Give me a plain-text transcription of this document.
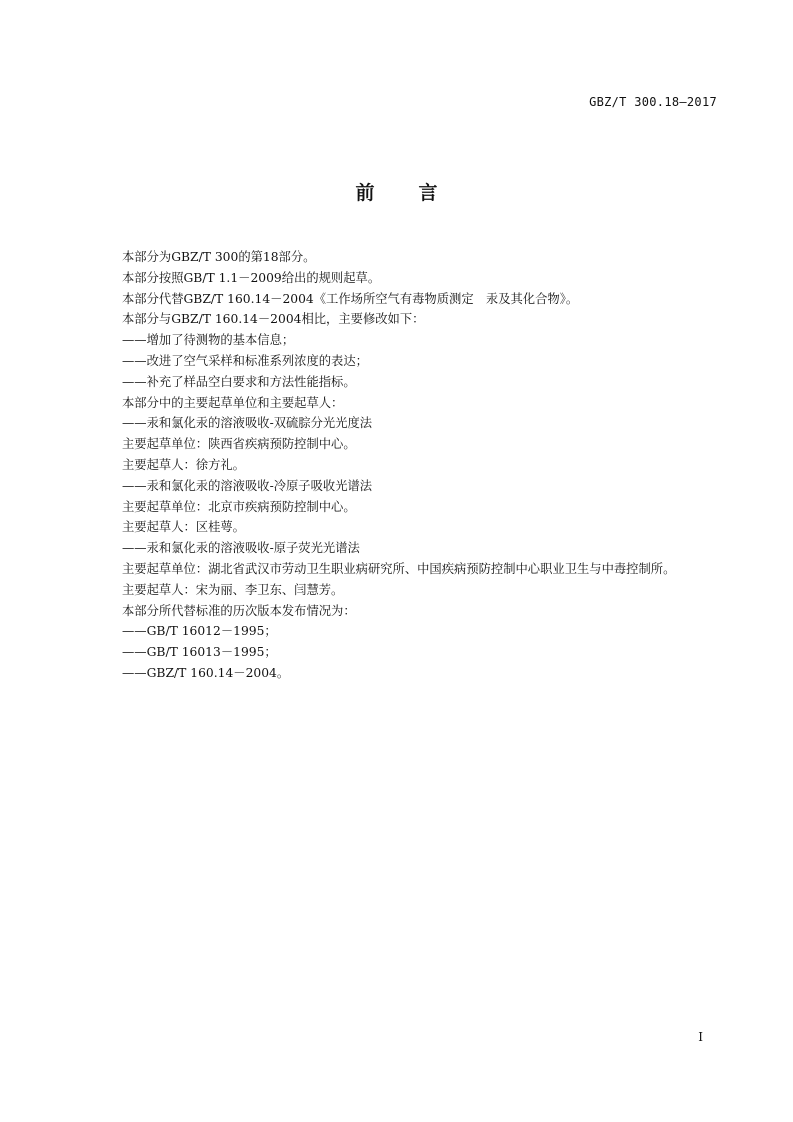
GBZ/T 300.18—2017
前 言

本部分为GBZ/T 300的第18部分。

本部分按照GB/T 1.1－2009给出的规则起草。

本部分代替GBZ/T 160.14－2004《工作场所空气有毒物质测定　汞及其化合物》。

本部分与GBZ/T 160.14－2004相比，主要修改如下：

——增加了待测物的基本信息；

——改进了空气采样和标准系列浓度的表达；

——补充了样品空白要求和方法性能指标。

本部分中的主要起草单位和主要起草人：

——汞和氯化汞的溶液吸收-双硫腙分光光度法

主要起草单位：陕西省疾病预防控制中心。

主要起草人：徐方礼。

——汞和氯化汞的溶液吸收-冷原子吸收光谱法

主要起草单位：北京市疾病预防控制中心。

主要起草人：区桂萼。

——汞和氯化汞的溶液吸收-原子荧光光谱法

主要起草单位：湖北省武汉市劳动卫生职业病研究所、中国疾病预防控制中心职业卫生与中毒控制所。

主要起草人：宋为丽、李卫东、闫慧芳。

本部分所代替标准的历次版本发布情况为：

——GB/T 16012－1995；

——GB/T 16013－1995；

——GBZ/T 160.14－2004。

I
